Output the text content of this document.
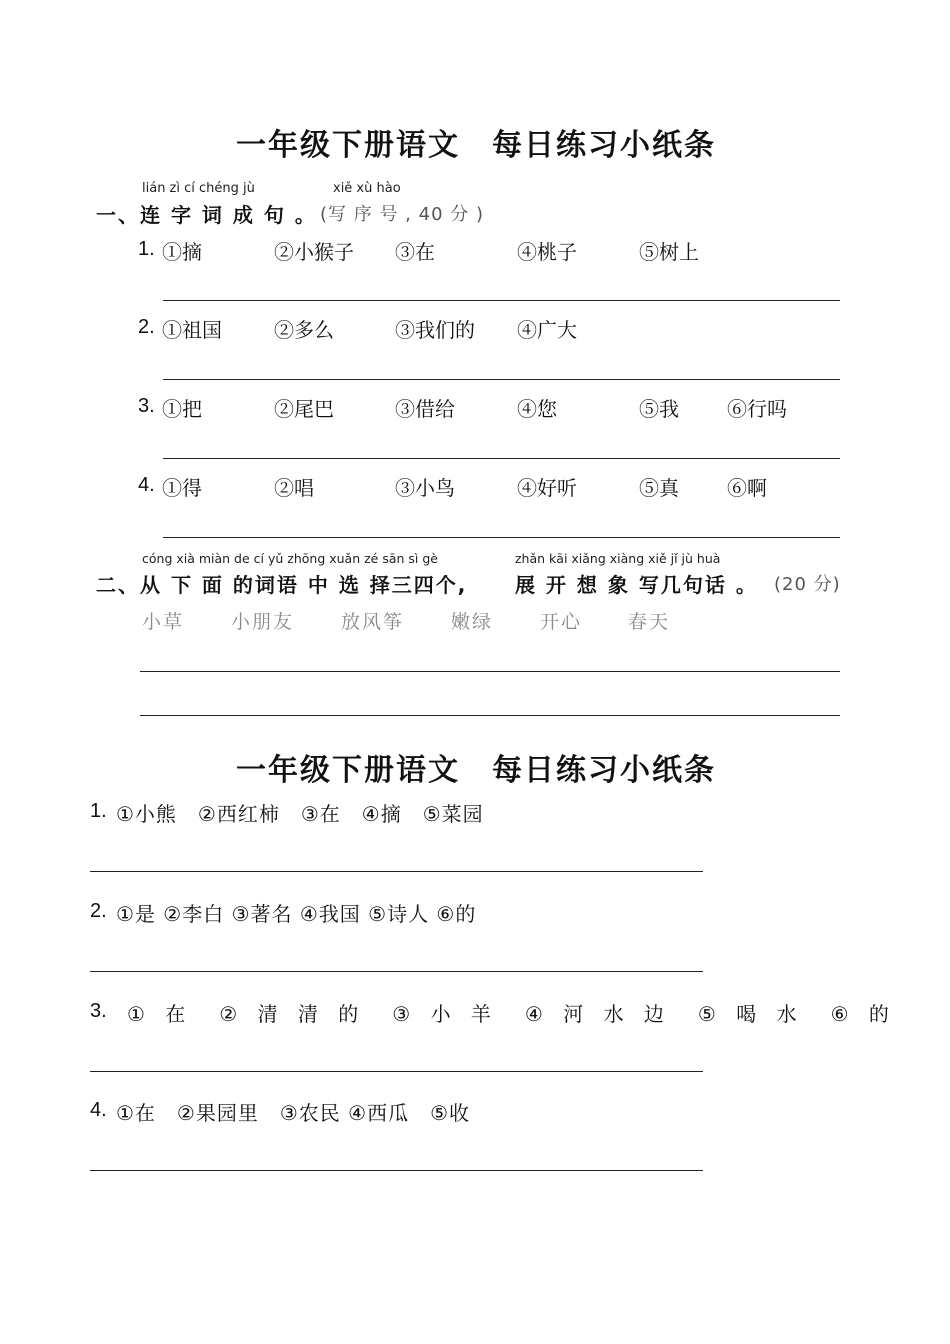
一年级下册语文　每日练习小纸条
lián zì cí chéng jù	xiě xù hào
一、连 字 词 成 句 。 (写 序 号 , 40 分 )
1. ①摘	②小猴子 ③在	④桃子	⑤树上
2. ①祖国	②多么	③我们的 ④广大
3. ①把	②尾巴	③借给	④您	⑤我 ⑥行吗
4. ①得	②唱	③小鸟	④好听	⑤真 ⑥啊
cóng xià miàn de cí yǔ zhōng xuǎn zé sān sì gè	zhǎn kāi xiǎng xiàng xiě jǐ jù huà
二、从 下 面 的词语 中 选 择三四个, 展 开 想 象 写几句话 。 (20 分)
小草 小朋友 放风筝 嫩绿 开心 春天
一年级下册语文　每日练习小纸条
1. ①小熊　②西红柿　③在　④摘　⑤菜园
2. ①是 ②李白 ③著名 ④我国 ⑤诗人 ⑥的
3. ① 在　② 清 清 的　③ 小 羊　④ 河 水 边　⑤ 喝 水　⑥ 的
4. ①在　②果园里　③农民 ④西瓜　⑤收
